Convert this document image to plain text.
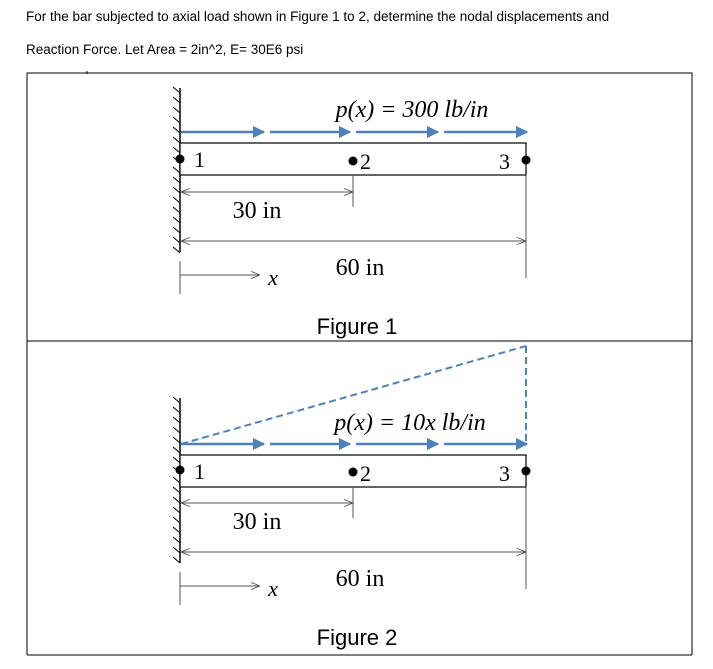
For the bar subjected to axial load shown in Figure 1 to 2, determine the nodal displacements and

Reaction Force. Let Area = 2in^2, E= 30E6 psi

p(x) = 300 lb/in
1	2	3
30 in
60 in
x
Figure 1
p(x) = 10x lb/in
1	2	3
30 in
60 in
x
Figure 2
